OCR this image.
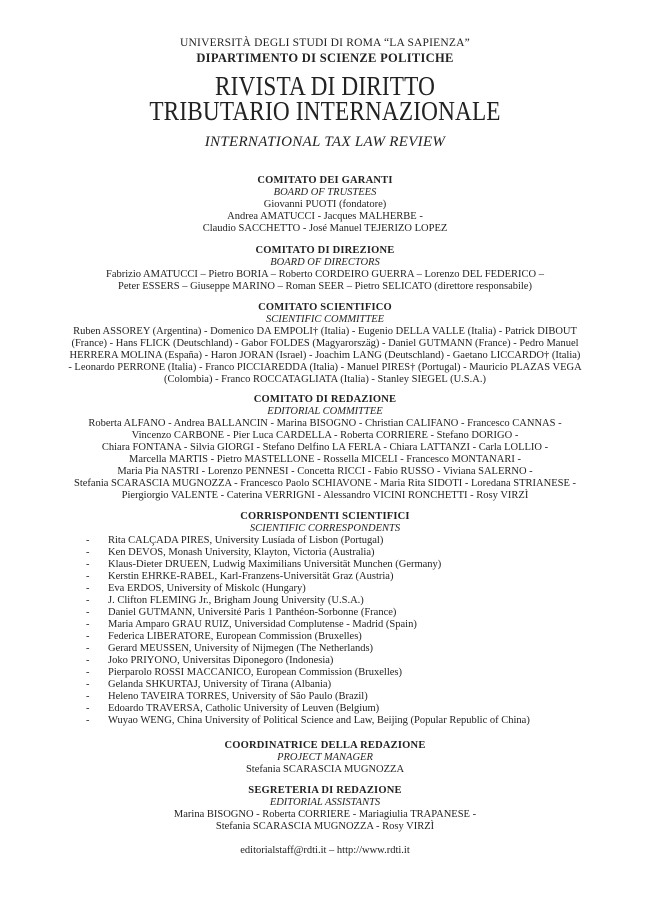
UNIVERSITÀ DEGLI STUDI DI ROMA “LA SAPIENZA”
DIPARTIMENTO DI SCIENZE POLITICHE
RIVISTA DI DIRITTO
TRIBUTARIO INTERNAZIONALE
INTERNATIONAL TAX LAW REVIEW
COMITATO DEI GARANTI
BOARD OF TRUSTEES
Giovanni PUOTI (fondatore)
Andrea AMATUCCI - Jacques MALHERBE -
Claudio SACCHETTO - José Manuel TEJERIZO LOPEZ
COMITATO DI DIREZIONE
BOARD OF DIRECTORS
Fabrizio AMATUCCI – Pietro BORIA – Roberto CORDEIRO GUERRA – Lorenzo DEL FEDERICO –
Peter ESSERS – Giuseppe MARINO – Roman SEER – Pietro SELICATO (direttore responsabile)
COMITATO SCIENTIFICO
SCIENTIFIC COMMITTEE
Ruben ASSOREY (Argentina) - Domenico DA EMPOLI† (Italia) - Eugenio DELLA VALLE (Italia) - Patrick DIBOUT
(France) - Hans FLICK (Deutschland) - Gabor FOLDES (Magyarorszäg) - Daniel GUTMANN (France) - Pedro Manuel
HERRERA MOLINA (España) - Haron JORAN (Israel) - Joachim LANG (Deutschland) - Gaetano LICCARDO† (Italia)
- Leonardo PERRONE (Italia) - Franco PICCIAREDDA (Italia) - Manuel PIRES† (Portugal) - Mauricio PLAZAS VEGA
(Colombia) - Franco ROCCATAGLIATA (Italia) - Stanley SIEGEL (U.S.A.)
COMITATO DI REDAZIONE
EDITORIAL COMMITTEE
Roberta ALFANO - Andrea BALLANCIN - Marina BISOGNO - Christian CALIFANO - Francesco CANNAS -
Vincenzo CARBONE - Pier Luca CARDELLA - Roberta CORRIERE - Stefano DORIGO -
Chiara FONTANA - Silvia GIORGI - Stefano Delfino LA FERLA - Chiara LATTANZI - Carla LOLLIO -
Marcella MARTIS - Pietro MASTELLONE - Rossella MICELI - Francesco MONTANARI -
Maria Pia NASTRI - Lorenzo PENNESI - Concetta RICCI - Fabio RUSSO - Viviana SALERNO -
Stefania SCARASCIA MUGNOZZA - Francesco Paolo SCHIAVONE - Maria Rita SIDOTI - Loredana STRIANESE -
Piergiorgio VALENTE - Caterina VERRIGNI - Alessandro VICINI RONCHETTI - Rosy VIRZÌ
CORRISPONDENTI SCIENTIFICI
SCIENTIFIC CORRESPONDENTS
-	Rita CALÇADA PIRES, University Lusíada of Lisbon (Portugal)
-	Ken DEVOS, Monash University, Klayton, Victoria (Australia)
-	Klaus-Dieter DRUEEN, Ludwig Maximilians Universität Munchen (Germany)
-	Kerstin EHRKE-RABEL, Karl-Franzens-Universität Graz (Austria)
-	Eva ERDOS, University of Miskolc (Hungary)
-	J. Clifton FLEMING Jr., Brigham Joung University (U.S.A.)
-	Daniel GUTMANN, Université Paris 1 Panthéon-Sorbonne (France)
-	Maria Amparo GRAU RUIZ, Universidad Complutense - Madrid (Spain)
-	Federica LIBERATORE, European Commission (Bruxelles)
-	Gerard MEUSSEN, University of Nijmegen (The Netherlands)
-	Joko PRIYONO, Universitas Diponegoro (Indonesia)
-	Pierparolo ROSSI MACCANICO, European Commission (Bruxelles)
-	Gelanda SHKURTAJ, University of Tirana (Albania)
-	Heleno TAVEIRA TORRES, University of São Paulo (Brazil)
-	Edoardo TRAVERSA, Catholic University of Leuven (Belgium)
-	Wuyao WENG, China University of Political Science and Law, Beijing (Popular Republic of China)
COORDINATRICE DELLA REDAZIONE
PROJECT MANAGER
Stefania SCARASCIA MUGNOZZA
SEGRETERIA DI REDAZIONE
EDITORIAL ASSISTANTS
Marina BISOGNO - Roberta CORRIERE - Mariagiulia TRAPANESE -
Stefania SCARASCIA MUGNOZZA - Rosy VIRZÌ
editorialstaff@rdti.it – http://www.rdti.it
